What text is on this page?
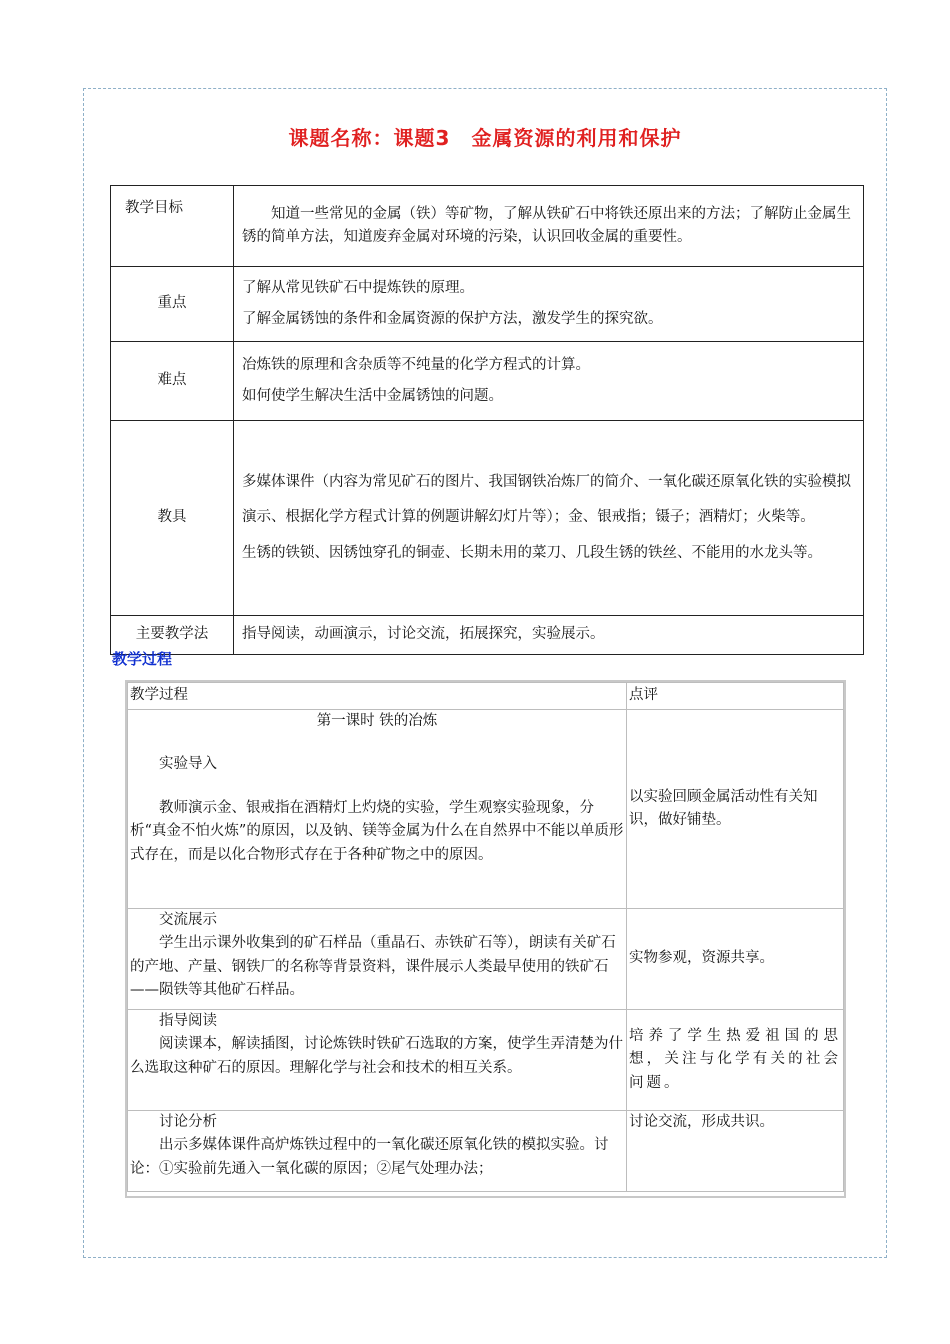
课题名称：课题3　金属资源的利用和保护
教学目标	知道一些常见的金属（铁）等矿物，了解从铁矿石中将铁还原出来的方法；了解防止金属生锈的简单方法，知道废弃金属对环境的污染，认识回收金属的重要性。

重点	了解从常见铁矿石中提炼铁的原理。

了解金属锈蚀的条件和金属资源的保护方法，激发学生的探究欲。

难点	冶炼铁的原理和含杂质等不纯量的化学方程式的计算。

如何使学生解决生活中金属锈蚀的问题。

教具	多媒体课件（内容为常见矿石的图片、我国钢铁冶炼厂的简介、一氧化碳还原氧化铁的实验模拟演示、根据化学方程式计算的例题讲解幻灯片等）；金、银戒指；镊子；酒精灯；火柴等。

生锈的铁锁、因锈蚀穿孔的铜壶、长期未用的菜刀、几段生锈的铁丝、不能用的水龙头等。

主要教学法	指导阅读，动画演示，讨论交流，拓展探究，实验展示。
教学过程
教学过程	点评

第一课时 铁的冶炼

实验导入

教师演示金、银戒指在酒精灯上灼烧的实验，学生观察实验现象，分析“真金不怕火炼”的原因，以及钠、镁等金属为什么在自然界中不能以单质形式存在，而是以化合物形式存在于各种矿物之中的原因。	以实验回顾金属活动性有关知识，做好铺垫。

交流展示

学生出示课外收集到的矿石样品（重晶石、赤铁矿石等），朗读有关矿石的产地、产量、钢铁厂的名称等背景资料，课件展示人类最早使用的铁矿石——陨铁等其他矿石样品。	实物参观，资源共享。

指导阅读

阅读课本，解读插图，讨论炼铁时铁矿石选取的方案，使学生弄清楚为什么选取这种矿石的原因。理解化学与社会和技术的相互关系。	培养了学生热爱祖国的思想，关注与化学有关的社会问题。

讨论分析

出示多媒体课件高炉炼铁过程中的一氧化碳还原氧化铁的模拟实验。讨论：①实验前先通入一氧化碳的原因；②尾气处理办法；	讨论交流，形成共识。
